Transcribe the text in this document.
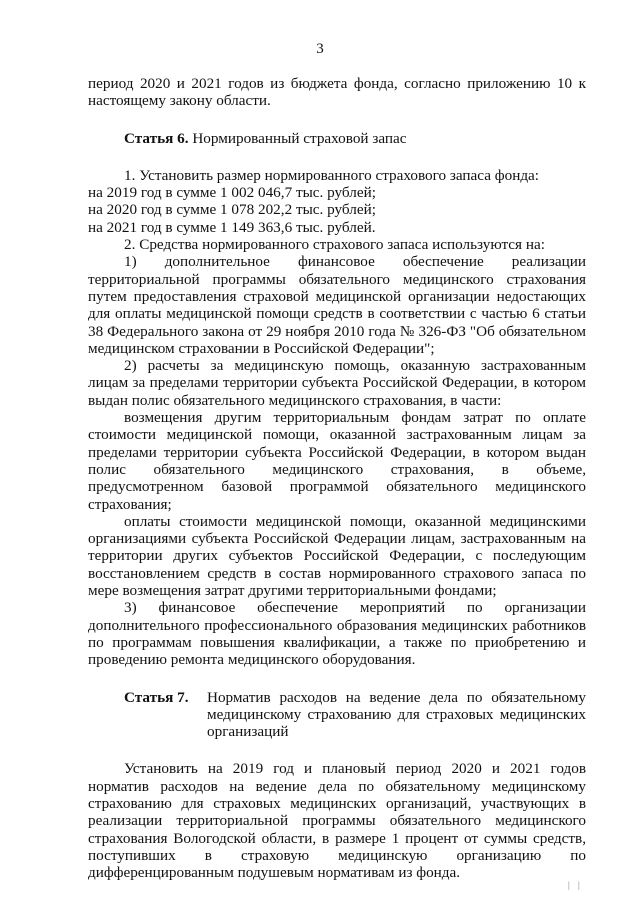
3

период 2020 и 2021 годов из бюджета фонда, согласно приложению 10 к настоящему закону области.

Статья 6. Нормированный страховой запас

1. Установить размер нормированного страхового запаса фонда:

на 2019 год в сумме 1 002 046,7 тыс. рублей;

на 2020 год в сумме 1 078 202,2 тыс. рублей;

на 2021 год в сумме 1 149 363,6 тыс. рублей.

2. Средства нормированного страхового запаса используются на:

1) дополнительное финансовое обеспечение реализации территориальной программы обязательного медицинского страхования путем предоставления страховой медицинской организации недостающих для оплаты медицинской помощи средств в соответствии с частью 6 статьи 38 Федерального закона от 29 ноября 2010 года № 326-ФЗ "Об обязательном медицинском страховании в Российской Федерации";

2) расчеты за медицинскую помощь, оказанную застрахованным лицам за пределами территории субъекта Российской Федерации, в котором выдан полис обязательного медицинского страхования, в части:

возмещения другим территориальным фондам затрат по оплате стоимости медицинской помощи, оказанной застрахованным лицам за пределами территории субъекта Российской Федерации, в котором выдан полис обязательного медицинского страхования, в объеме, предусмотренном базовой программой обязательного медицинского страхования;

оплаты стоимости медицинской помощи, оказанной медицинскими организациями субъекта Российской Федерации лицам, застрахованным на территории других субъектов Российской Федерации, с последующим восстановлением средств в состав нормированного страхового запаса по мере возмещения затрат другими территориальными фондами;

3) финансовое обеспечение мероприятий по организации дополнительного профессионального образования медицинских работников по программам повышения квалификации, а также по приобретению и проведению ремонта медицинского оборудования.

Статья 7.	Норматив расходов на ведение дела по обязательному медицинскому страхованию для страховых медицинских организаций

Установить на 2019 год и плановый период 2020 и 2021 годов норматив расходов на ведение дела по обязательному медицинскому страхованию для страховых медицинских организаций, участвующих в реализации территориальной программы обязательного медицинского страхования Вологодской области, в размере 1 процент от суммы средств, поступивших в страховую медицинскую организацию по дифференцированным подушевым нормативам из фонда.

| |
